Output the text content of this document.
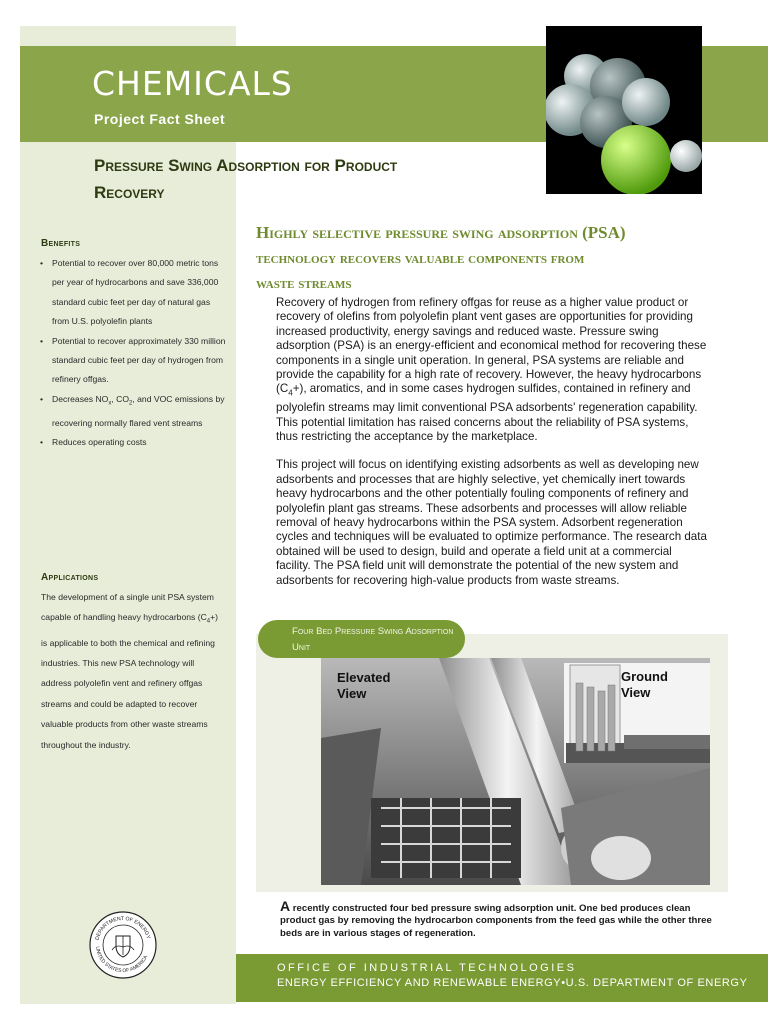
CHEMICALS
Project Fact Sheet
Pressure Swing Adsorption for Product
Recovery
Highly selective pressure swing adsorption (PSA)
technology recovers valuable components from
waste streams

Recovery of hydrogen from refinery offgas for reuse as a higher value product or recovery of olefins from polyolefin plant vent gases are opportunities for providing increased productivity, energy savings and reduced waste. Pressure swing adsorption (PSA) is an energy-efficient and economical method for recovering these components in a single unit operation. In general, PSA systems are reliable and provide the capability for a high rate of recovery. However, the heavy hydrocarbons $(C_4+)$, aromatics, and in some cases hydrogen sulfides, contained in refinery and polyolefin streams may limit conventional PSA adsorbents' regeneration capability. This potential limitation has raised concerns about the reliability of PSA systems, thus restricting the acceptance by the marketplace.

This project will focus on identifying existing adsorbents as well as developing new adsorbents and processes that are highly selective, yet chemically inert towards heavy hydrocarbons and the other potentially fouling components of refinery and polyolefin plant gas streams. These adsorbents and processes will allow reliable removal of heavy hydrocarbons within the PSA system. Adsorbent regeneration cycles and techniques will be evaluated to optimize performance. The research data obtained will be used to design, build and operate a field unit at a commercial facility. The PSA field unit will demonstrate the potential of the new system and adsorbents for recovering high-value products from waste streams.

Benefits
• Potential to recover over 80,000 metric tons per year of hydrocarbons and save 336,000 standard cubic feet per day of natural gas from U.S. polyolefin plants
• Potential to recover approximately 330 million standard cubic feet per day of hydrogen from refinery offgas.
• Decreases $NO_x$, $CO_2$, and VOC emissions by recovering normally flared vent streams
• Reduces operating costs
Applications

The development of a single unit PSA system capable of handling heavy hydrocarbons $(C_4+)$ is applicable to both the chemical and refining industries. This new PSA technology will address polyolefin vent and refinery offgas streams and could be adapted to recover valuable products from other waste streams throughout the industry.

DEPARTMENT OF ENERGY
UNITED STATES OF AMERICA
Four Bed Pressure Swing Adsorption Unit
Elevated
View
Ground
View
A recently constructed four bed pressure swing adsorption unit. One bed produces clean product gas by removing the hydrocarbon components from the feed gas while the other three beds are in various stages of regeneration.
OFFICE OF INDUSTRIAL TECHNOLOGIES
ENERGY EFFICIENCY AND RENEWABLE ENERGY•U.S. DEPARTMENT OF ENERGY
